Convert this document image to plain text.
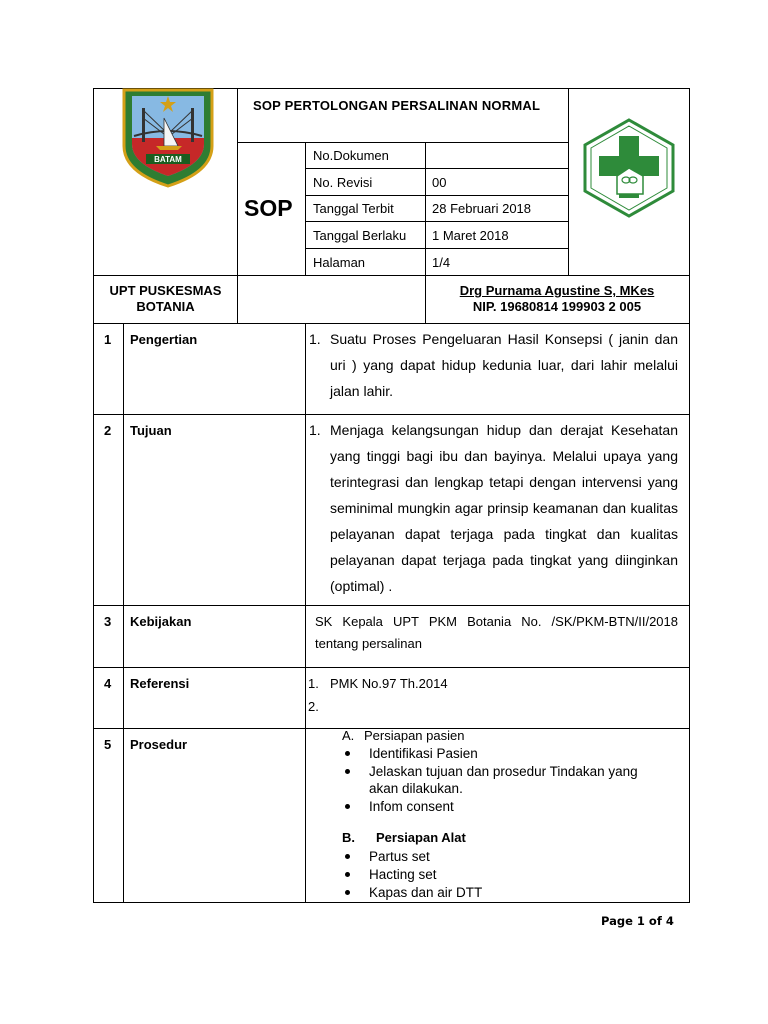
BATAM
SOP PERTOLONGAN PERSALINAN NORMAL
SOP
No.Dokumen
No. Revisi	00
Tanggal Terbit	28 Februari 2018
Tanggal Berlaku 1 Maret 2018
Halaman	1/4
UPT PUSKESMAS
BOTANIA
Drg Purnama Agustine S, MKes
NIP. 19680814 199903 2 005
1 Pengertian	1. Suatu Proses Pengeluaran Hasil Konsepsi ( janin dan uri ) yang dapat hidup kedunia luar, dari lahir melalui jalan lahir.
2 Tujuan	1. Menjaga kelangsungan hidup dan derajat Kesehatan yang tinggi bagi ibu dan bayinya. Melalui upaya yang terintegrasi dan lengkap tetapi dengan intervensi yang seminimal mungkin agar prinsip keamanan dan kualitas pelayanan dapat terjaga pada tingkat dan kualitas pelayanan dapat terjaga pada tingkat yang diinginkan (optimal) .
3 Kebijakan	SK Kepala UPT PKM Botania No. /SK/PKM-BTN/II/2018 tentang persalinan
4 Referensi	1. PMK No.97 Th.2014
2.
5 Prosedur
A. Persiapan pasien
Identifikasi Pasien
Jelaskan tujuan dan prosedur Tindakan yang
akan dilakukan.
Infom consent
B. Persiapan Alat
Partus set
Hacting set
Kapas dan air DTT
Page 1 of 4
